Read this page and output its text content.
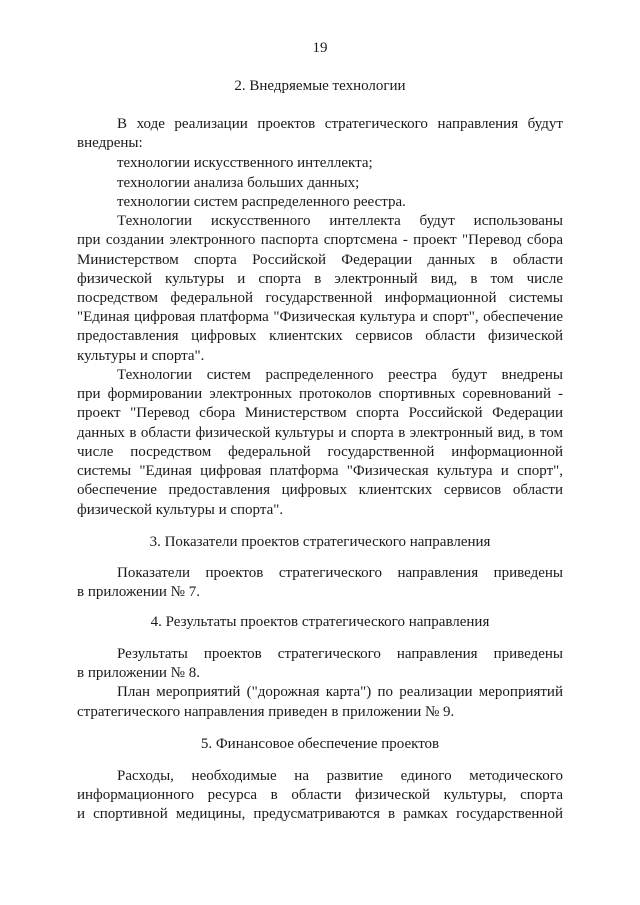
19
2. Внедряемые технологии
В ходе реализации проектов стратегического направления будут
внедрены:
технологии искусственного интеллекта;
технологии анализа больших данных;
технологии систем распределенного реестра.
Технологии искусственного интеллекта будут использованы
при создании электронного паспорта спортсмена - проект "Перевод сбора
Министерством спорта Российской Федерации данных в области
физической культуры и спорта в электронный вид, в том числе
посредством федеральной государственной информационной системы
"Единая цифровая платформа "Физическая культура и спорт", обеспечение
предоставления цифровых клиентских сервисов области физической
культуры и спорта".
Технологии систем распределенного реестра будут внедрены
при формировании электронных протоколов спортивных соревнований -
проект "Перевод сбора Министерством спорта Российской Федерации
данных в области физической культуры и спорта в электронный вид, в том
числе посредством федеральной государственной информационной
системы "Единая цифровая платформа "Физическая культура и спорт",
обеспечение предоставления цифровых клиентских сервисов области
физической культуры и спорта".
3. Показатели проектов стратегического направления
Показатели проектов стратегического направления приведены
в приложении № 7.
4. Результаты проектов стратегического направления
Результаты проектов стратегического направления приведены
в приложении № 8.
План мероприятий ("дорожная карта") по реализации мероприятий
стратегического направления приведен в приложении № 9.
5. Финансовое обеспечение проектов
Расходы, необходимые на развитие единого методического
информационного ресурса в области физической культуры, спорта
и спортивной медицины, предусматриваются в рамках государственной
